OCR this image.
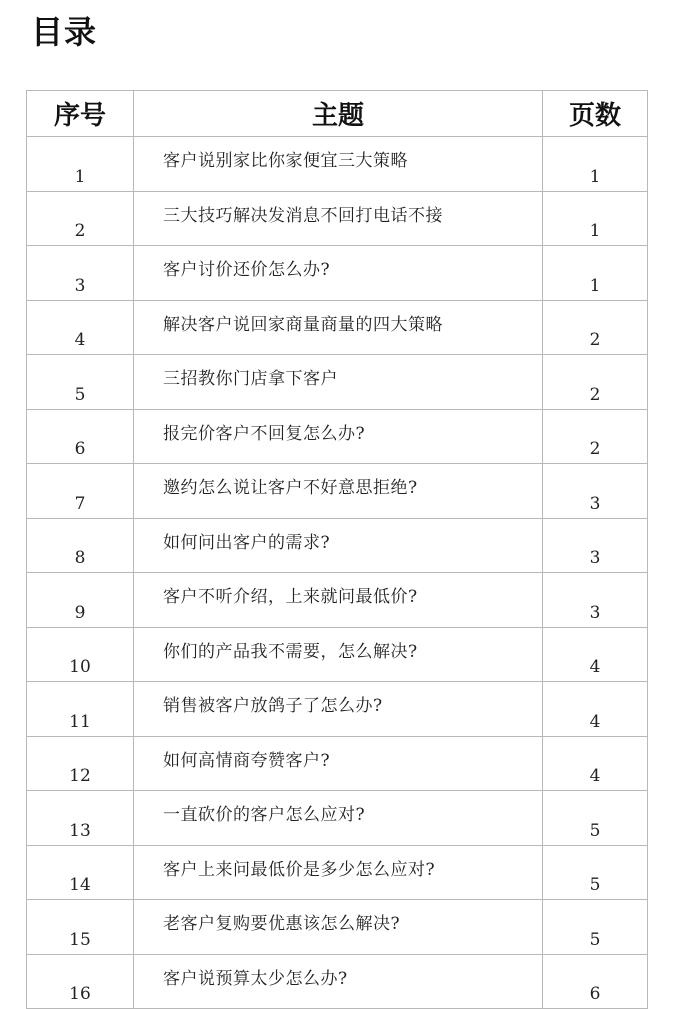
目录
序号	主题	页数
1	客户说别家比你家便宜三大策略	1
2	三大技巧解决发消息不回打电话不接	1
3	客户讨价还价怎么办?	1
4	解决客户说回家商量商量的四大策略	2
5	三招教你门店拿下客户	2
6	报完价客户不回复怎么办?	2
7	邀约怎么说让客户不好意思拒绝?	3
8	如何问出客户的需求?	3
9	客户不听介绍，上来就问最低价?	3
10	你们的产品我不需要，怎么解决?	4
11	销售被客户放鸽子了怎么办?	4
12	如何高情商夸赞客户?	4
13	一直砍价的客户怎么应对?	5
14	客户上来问最低价是多少怎么应对?	5
15	老客户复购要优惠该怎么解决?	5
16	客户说预算太少怎么办?	6
